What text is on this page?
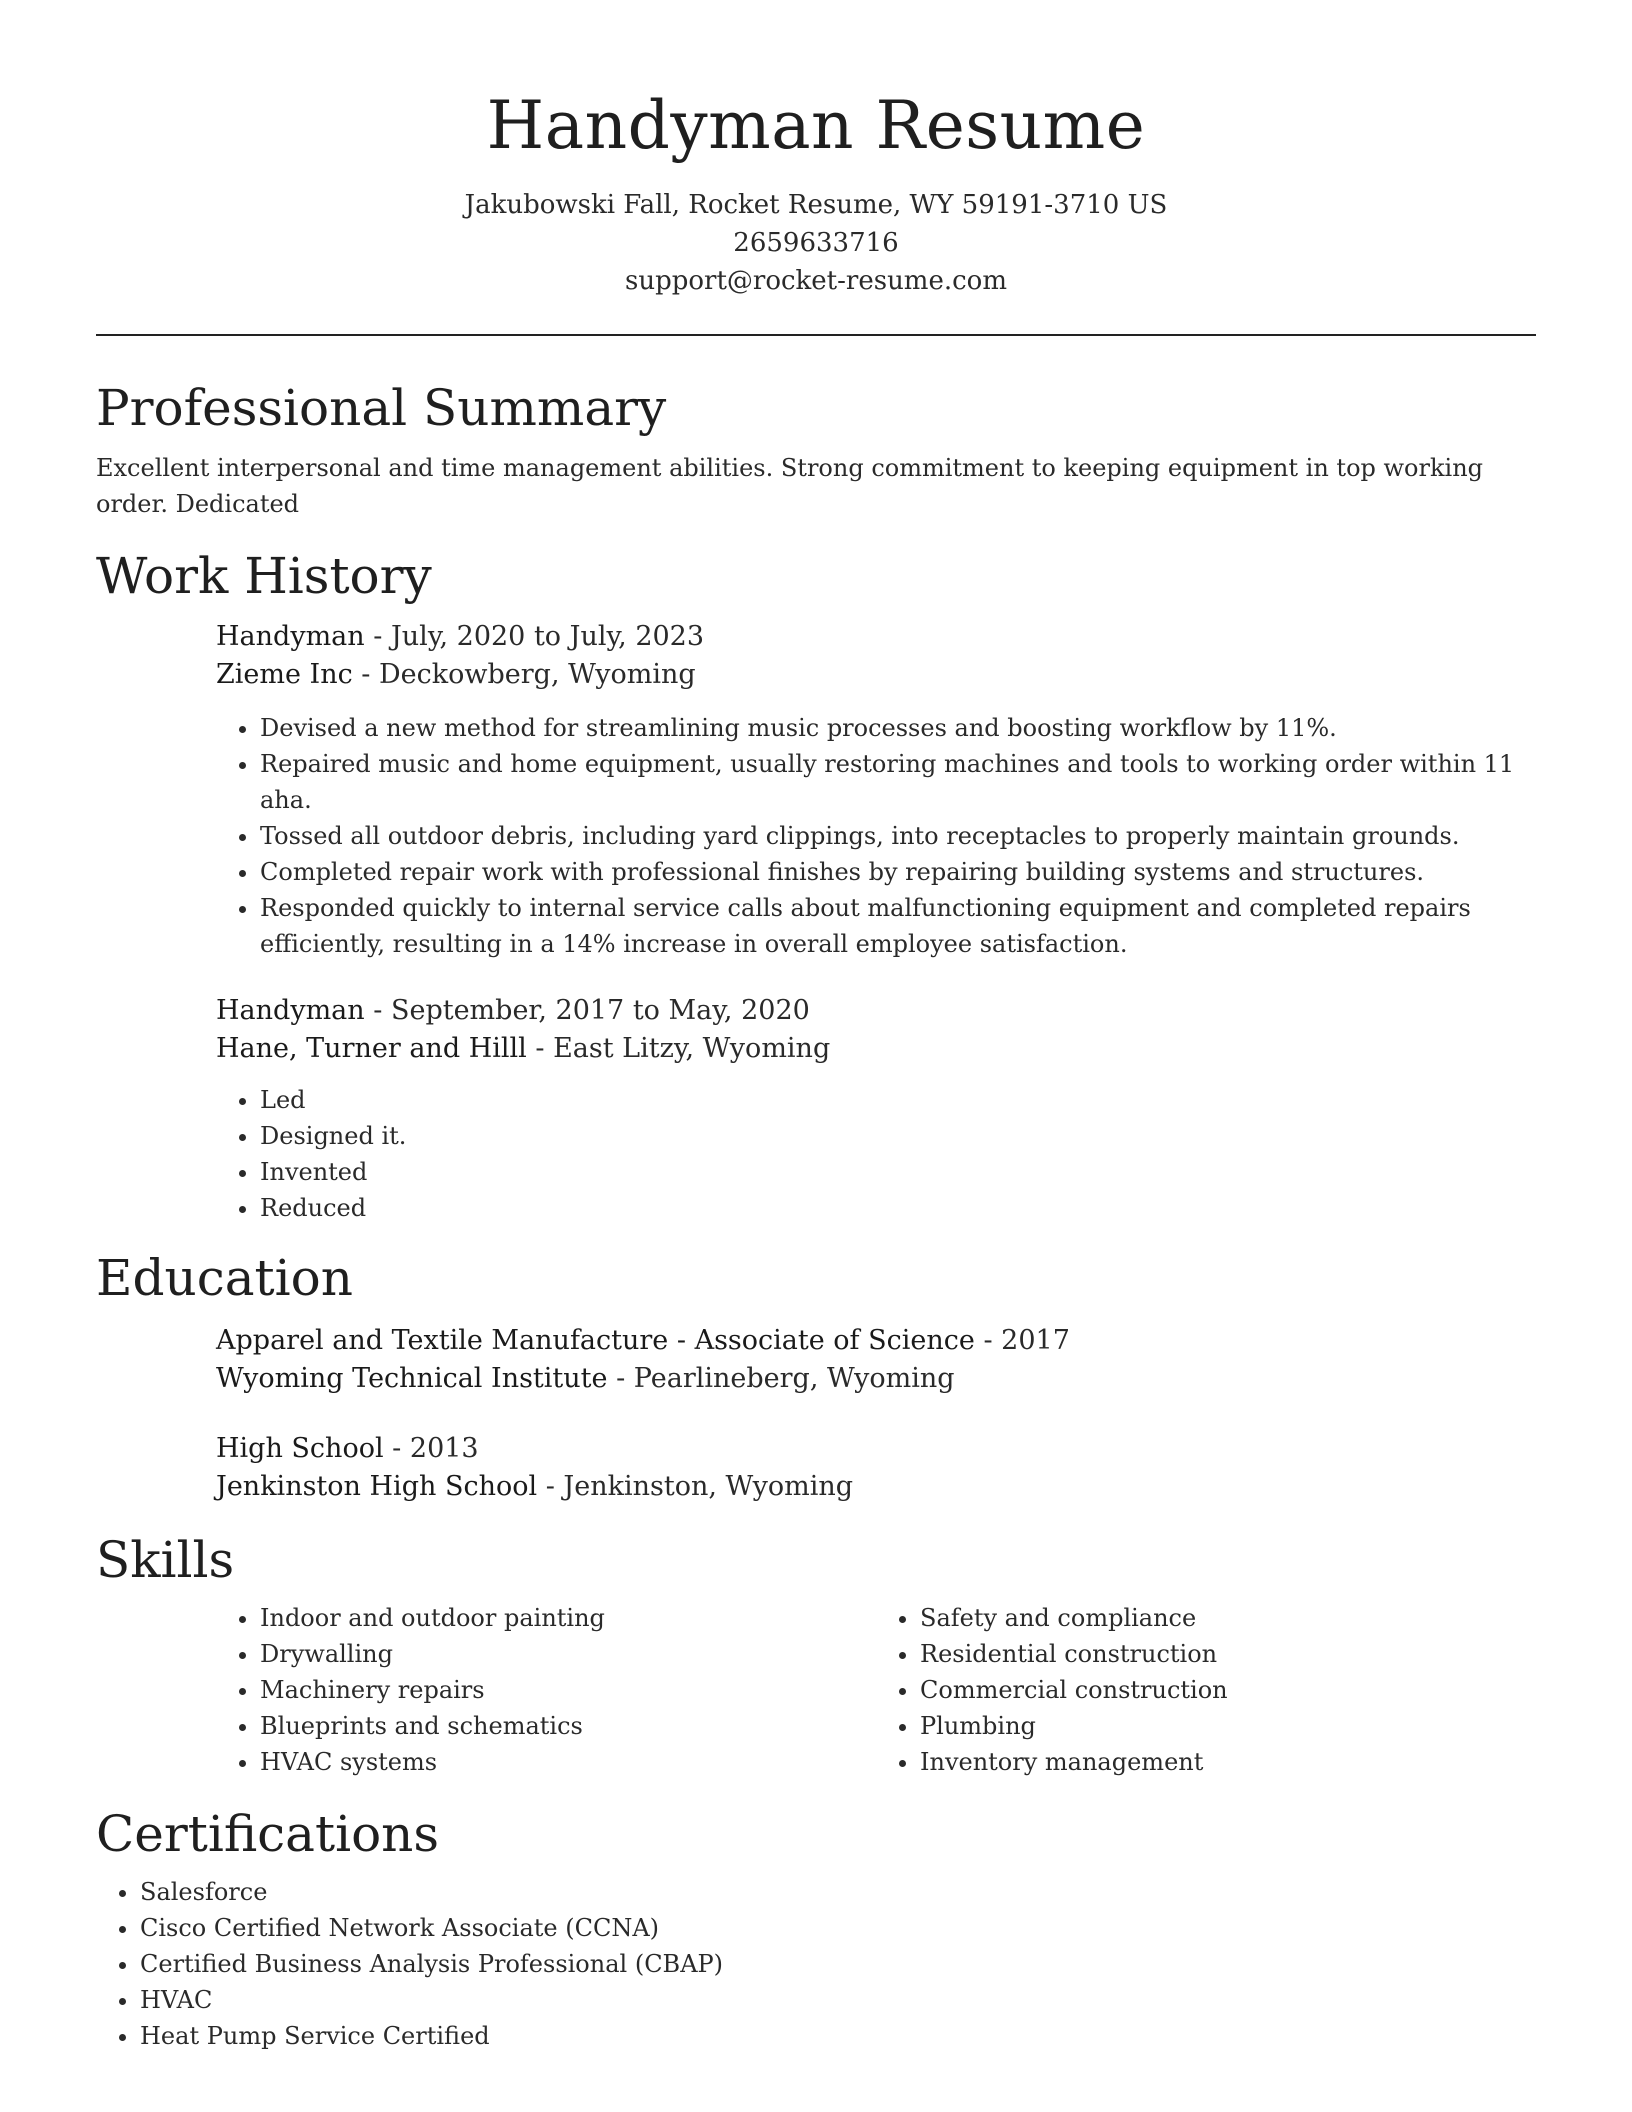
Handyman Resume
Jakubowski Fall, Rocket Resume, WY 59191-3710 US
2659633716
support@rocket-resume.com
Professional Summary

Excellent interpersonal and time management abilities. Strong commitment to keeping equipment in top working order. Dedicated

Work History
Handyman - July, 2020 to July, 2023
Zieme Inc - Deckowberg, Wyoming
• Devised a new method for streamlining music processes and boosting workflow by 11%.
• Repaired music and home equipment, usually restoring machines and tools to working order within 11 aha.
• Tossed all outdoor debris, including yard clippings, into receptacles to properly maintain grounds.
• Completed repair work with professional finishes by repairing building systems and structures.
• Responded quickly to internal service calls about malfunctioning equipment and completed repairs efficiently, resulting in a 14% increase in overall employee satisfaction.
Handyman - September, 2017 to May, 2020
Hane, Turner and Hilll - East Litzy, Wyoming
• Led
• Designed it.
• Invented
• Reduced
Education
Apparel and Textile Manufacture - Associate of Science - 2017
Wyoming Technical Institute - Pearlineberg, Wyoming
High School - 2013
Jenkinston High School - Jenkinston, Wyoming
Skills
• Indoor and outdoor painting
• Drywalling
• Machinery repairs
• Blueprints and schematics
• HVAC systems
• Safety and compliance
• Residential construction
• Commercial construction
• Plumbing
• Inventory management
Certifications
• Salesforce
• Cisco Certified Network Associate (CCNA)
• Certified Business Analysis Professional (CBAP)
• HVAC
• Heat Pump Service Certified
